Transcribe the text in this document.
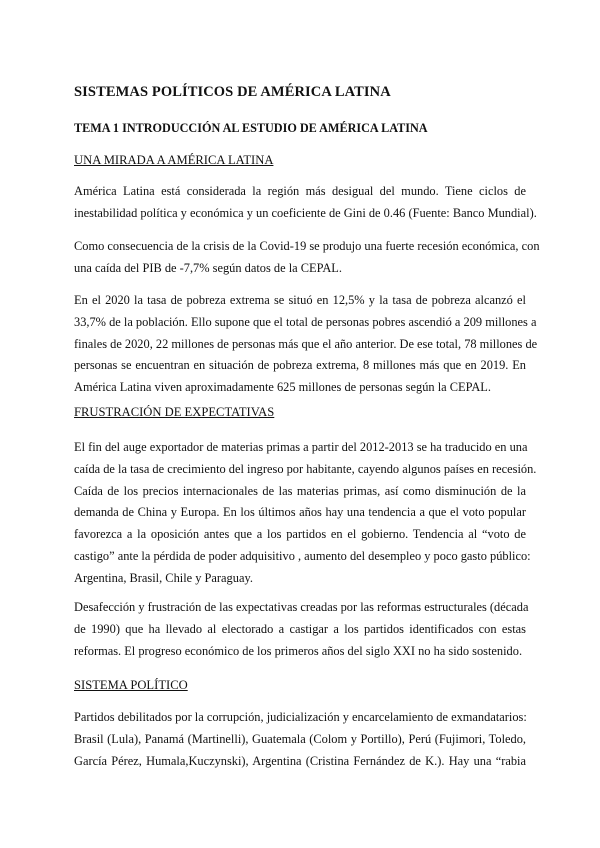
SISTEMAS POLÍTICOS DE AMÉRICA LATINA
TEMA 1 INTRODUCCIÓN AL ESTUDIO DE AMÉRICA LATINA
UNA MIRADA A AMÉRICA LATINA

América Latina está considerada la región más desigual del mundo. Tiene ciclos de
inestabilidad política y económica y un coeficiente de Gini de 0.46 (Fuente: Banco Mundial).

Como consecuencia de la crisis de la Covid-19 se produjo una fuerte recesión económica, con
una caída del PIB de -7,7% según datos de la CEPAL.

En el 2020 la tasa de pobreza extrema se situó en 12,5% y la tasa de pobreza alcanzó el
33,7% de la población. Ello supone que el total de personas pobres ascendió a 209 millones a
finales de 2020, 22 millones de personas más que el año anterior. De ese total, 78 millones de
personas se encuentran en situación de pobreza extrema, 8 millones más que en 2019. En
América Latina viven aproximadamente 625 millones de personas según la CEPAL.

FRUSTRACIÓN DE EXPECTATIVAS

El fin del auge exportador de materias primas a partir del 2012-2013 se ha traducido en una
caída de la tasa de crecimiento del ingreso por habitante, cayendo algunos países en recesión.
Caída de los precios internacionales de las materias primas, así como disminución de la
demanda de China y Europa. En los últimos años hay una tendencia a que el voto popular
favorezca a la oposición antes que a los partidos en el gobierno. Tendencia al “voto de
castigo” ante la pérdida de poder adquisitivo , aumento del desempleo y poco gasto público:
Argentina, Brasil, Chile y Paraguay.

Desafección y frustración de las expectativas creadas por las reformas estructurales (década
de 1990) que ha llevado al electorado a castigar a los partidos identificados con estas
reformas. El progreso económico de los primeros años del siglo XXI no ha sido sostenido.

SISTEMA POLÍTICO

Partidos debilitados por la corrupción, judicialización y encarcelamiento de exmandatarios:
Brasil (Lula), Panamá (Martinelli), Guatemala (Colom y Portillo), Perú (Fujimori, Toledo,
García Pérez, Humala,Kuczynski), Argentina (Cristina Fernández de K.). Hay una “rabia
